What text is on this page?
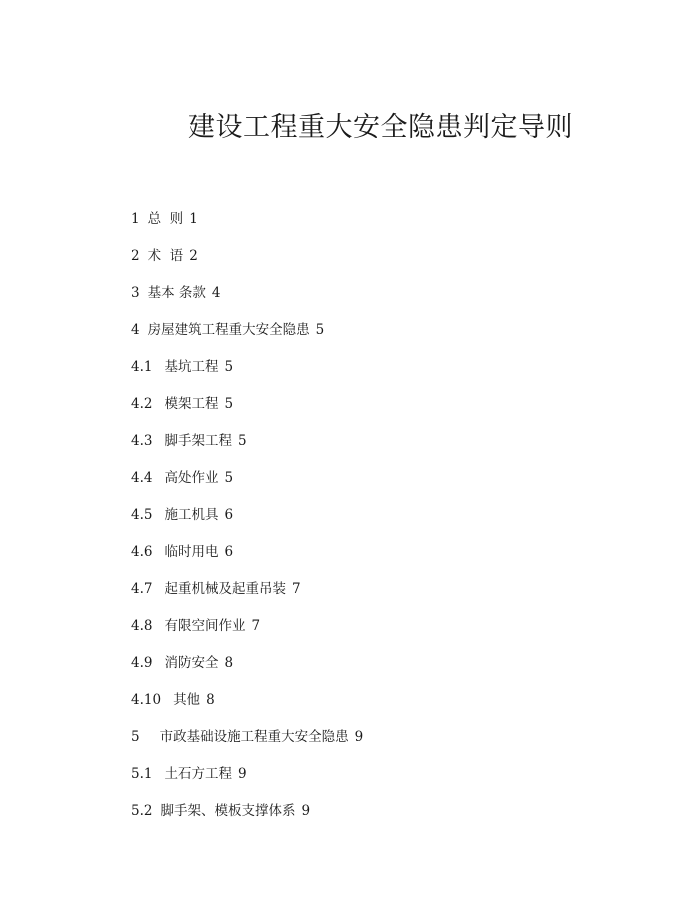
建设工程重大安全隐患判定导则
1 总  则 1
2 术  语 2
3 基本 条款 4
4 房屋建筑工程重大安全隐患 5
4.1 基坑工程 5
4.2 模架工程 5
4.3 脚手架工程 5
4.4 高处作业 5
4.5 施工机具 6
4.6 临时用电 6
4.7 起重机械及起重吊装 7
4.8 有限空间作业 7
4.9 消防安全 8
4.10 其他 8
5 市政基础设施工程重大安全隐患 9
5.1 土石方工程 9
5.2 脚手架、模板支撑体系 9
